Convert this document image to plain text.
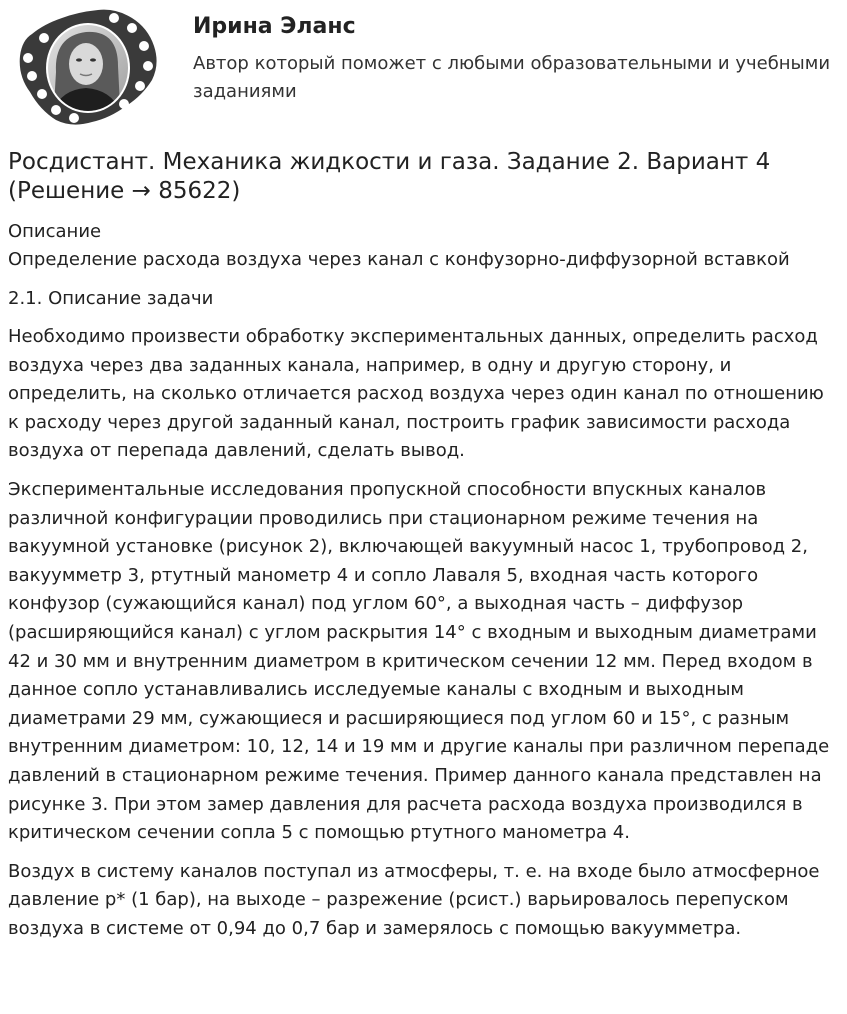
Ирина Эланс

Автор который поможет с любыми образовательными и учебными заданиями

Росдистант. Механика жидкости и газа. Задание 2. Вариант 4 (Решение → 85622)

Описание

Определение расхода воздуха через канал с конфузорно-диффузорной вставкой

2.1. Описание задачи

Необходимо произвести обработку экспериментальных данных, определить расход воздуха через два заданных канала, например, в одну и другую сторону, и определить, на сколько отличается расход воздуха через один канал по отношению к расходу через другой заданный канал, построить график зависимости расхода воздуха от перепада давлений, сделать вывод.

Экспериментальные исследования пропускной способности впускных каналов различной конфигурации проводились при стационарном режиме течения на вакуумной установке (рисунок 2), включающей вакуумный насос 1, трубопровод 2, вакуумметр 3, ртутный манометр 4 и сопло Лаваля 5, входная часть которого конфузор (сужающийся канал) под углом 60°, а выходная часть – диффузор (расширяющийся канал) с углом раскрытия 14° с входным и выходным диаметрами 42 и 30 мм и внутренним диаметром в критическом сечении 12 мм. Перед входом в данное сопло устанавливались исследуемые каналы с входным и выходным диаметрами 29 мм, сужающиеся и расширяющиеся под углом 60 и 15°, с разным внутренним диаметром: 10, 12, 14 и 19 мм и другие каналы при различном перепаде давлений в стационарном режиме течения. Пример данного канала представлен на рисунке 3. При этом замер давления для расчета расхода воздуха производился в критическом сечении сопла 5 с помощью ртутного манометра 4.

Воздух в систему каналов поступал из атмосферы, т. е. на входе было атмосферное давление р* (1 бар), на выходе – разрежение (рсист.) варьировалось перепуском воздуха в системе от 0,94 до 0,7 бар и замерялось с помощью вакуумметра.
